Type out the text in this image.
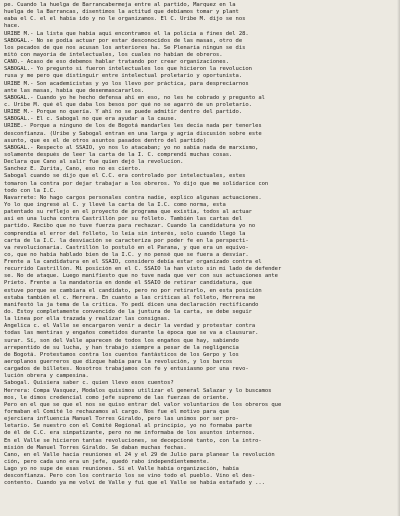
pe. Cuando la huelga de Barrancabermeja entre al partido, Marquez en la
huelga de la Barrancas, disentimos la actitud que debíamos tomar y plant
eaba el C. el el habia ido y no le organizamos. El C. Uribe M. dijo se nos
hace.
URIBE M.- La lista que habia aqui encontramos el la policia a fines del 28.
SABOGAL.- No se podia actuar por estar desconocidos de las masas, otro de
los pecados de que nos acusan los anteriores ha. Se Plenaria ningun se dis
mitó con mayoria de intelectuales, los cuales no habían de obreros.
CANO.- Acaso de eso debemos hablar tratando por crear organizaciones.
SABOGAL.- Yo pregunto si fueron intelectuales los que hicieron la revolucion
rusa y me pero que distinguir entre intelectual proletario y oportunista.
URIBE M.- Son academicistas y yo los llevo por práctica, para despreciarnos
ante las masas, habia que desenmascararlos.
SABOGAL.- Cuando yo he hecho defensa ahí en eso, no les he cobrado y pregunto al
c. Uribe M. qué él que daba los besos por qué no se agarró de un proletario.
URIBE M.- Porque no quería. Y ahí no se puede admitir dentro del partido.
SABOGAL.- El c. Sabogal no que era ayudar a la cause.
URIBE.- Porque a ninguno de los de Bogotá mandarles les decía nada per tenerles
desconfianza. (Uribe y Sabogal entran en una larga y agria discusión sobre este
asunto, que es el de otros asuntos pasados dentro del partido)
SABOGAL.- Respecto al SSAIO, yo nos lo atacaban; yo no sabía nada de marxismo,
solamente después de leer la carta de la I. C. comprendí muchas cosas.
Declara que Cano al salir fue quien dejó la revolucion.
Sanchez E. Zurita, Cano, eso no es cierto.
Sabogal cuando se dijo que el C.C. era controlado por intelectuales, estes
tomaron la contra por dejar trabajar a los obreros. Yo dijo que me solidarice con
todo con la I.C.
Navarrete: No hago cargos personales contra nadie, explico algunas actuaciones.
Yo lo que ingresé al C. y llevé la carta de la I.C. como norma, esta
patentado su reflejo en el proyecto de programa que existía, todos al actuar
así en una lucha contra Castrillón por su folleto. También las cartas del
partido. Recibo que no tuve fuerza para rechazar. Cuando la candidatura yo no
comprendía el error del folleto, lo leía sin interés, solo cuando llegó la
carta de la I.C. la desviación se caracteriza por poder fe en la perspecti-
va revolucionaria. Castrillón lo postuló en el Parana, y que era un equivo-
co, que no había hablado bien de la I.C. y no pensé que se fuera a desviar.
Frente a la candidatura en el SSAIO, considero debía estar organizado contra el
recurrido Castrillón. Mi posición en el C. SSAIO la han visto sin mi lado de defender
se. No de ataque. Luego manifiesto que no tuve nada que ver con sus actuaciones ante
Prieto. Frente a la mandatoria en donde el SSAIO de retirar candidatura, que
estuve porque se cambiara el candidato, pero no por retirarlo, en esta posición
estaba también el c. Herrera. En cuanto a las criticas al folleto, Herrera me
manifestó la ja tema de la critica. Yo pedí dicen una declaración rectificando
do. Estoy completamente convencido de la juntura de la carta, se debe seguir
la línea por ella trazada y realizar las consignas.
Angelica c. el Valle se encargaron venir a decir la verdad y protestar contra
todas las mentiras y engaños cometidos durante la época que se va a clausurar.
surar. Sí, son del Valle aparecen de todos los engaños que hay, sabiendo
arrepentido de su lucha, y han trabajo siempre a pesar de la negligencia
de Bogotá. Protestamos contra los cuentos fantásticos de los Gerpo y los
aeroplanos guerreros que dizque había para la revolución, y los barcos
cargados de billetes. Nosotros trabajamos con fe y entusiasmo por una revo-
lución obrera y campesina.
Sabogal. Quisiera saber c. quien llevo esos cuentos?
Herrera: Compa Vasquez, Modalos quisimos utilizar el general Salazar y lo buscamos
mos, le dimos credencial como jefe supremo de las fuerzas de oriente.
Pero en el que se que el nos se quiso entrar del valor voluntarios de los obreros que
formaban el Comité lo rechazamos al cargo. Nos fue el motivo para que
ejerciera influencia Manuel Torres Giraldo, pero las unimos por ser pro-
letario. Se nuestro con el Comité Regional al principio, yo no formaba parte
de él de C.C. era simpatizante, pero no me informaba de los asuntos internos.
En el Valle se hicieron tantas revoluciones, se decepcioné tanto, con la intro-
misión de Manuel Torres Giraldo. Se daban muchas fechas.
Cano, en el Valle hacía reuniones el 24 y el 29 de Julio para planear la revolución
ción, pero cada uno era un jefe, quedó rabo independientemente.
Lago yo no supe de esas reuniones. Si el Valle había organización, había
desconfianza. Pero con los contrario los se vino todo el pueblo. Vino el des-
contento. Cuando ya me volví de Valle y fui que el Valle se había estafado y ...
